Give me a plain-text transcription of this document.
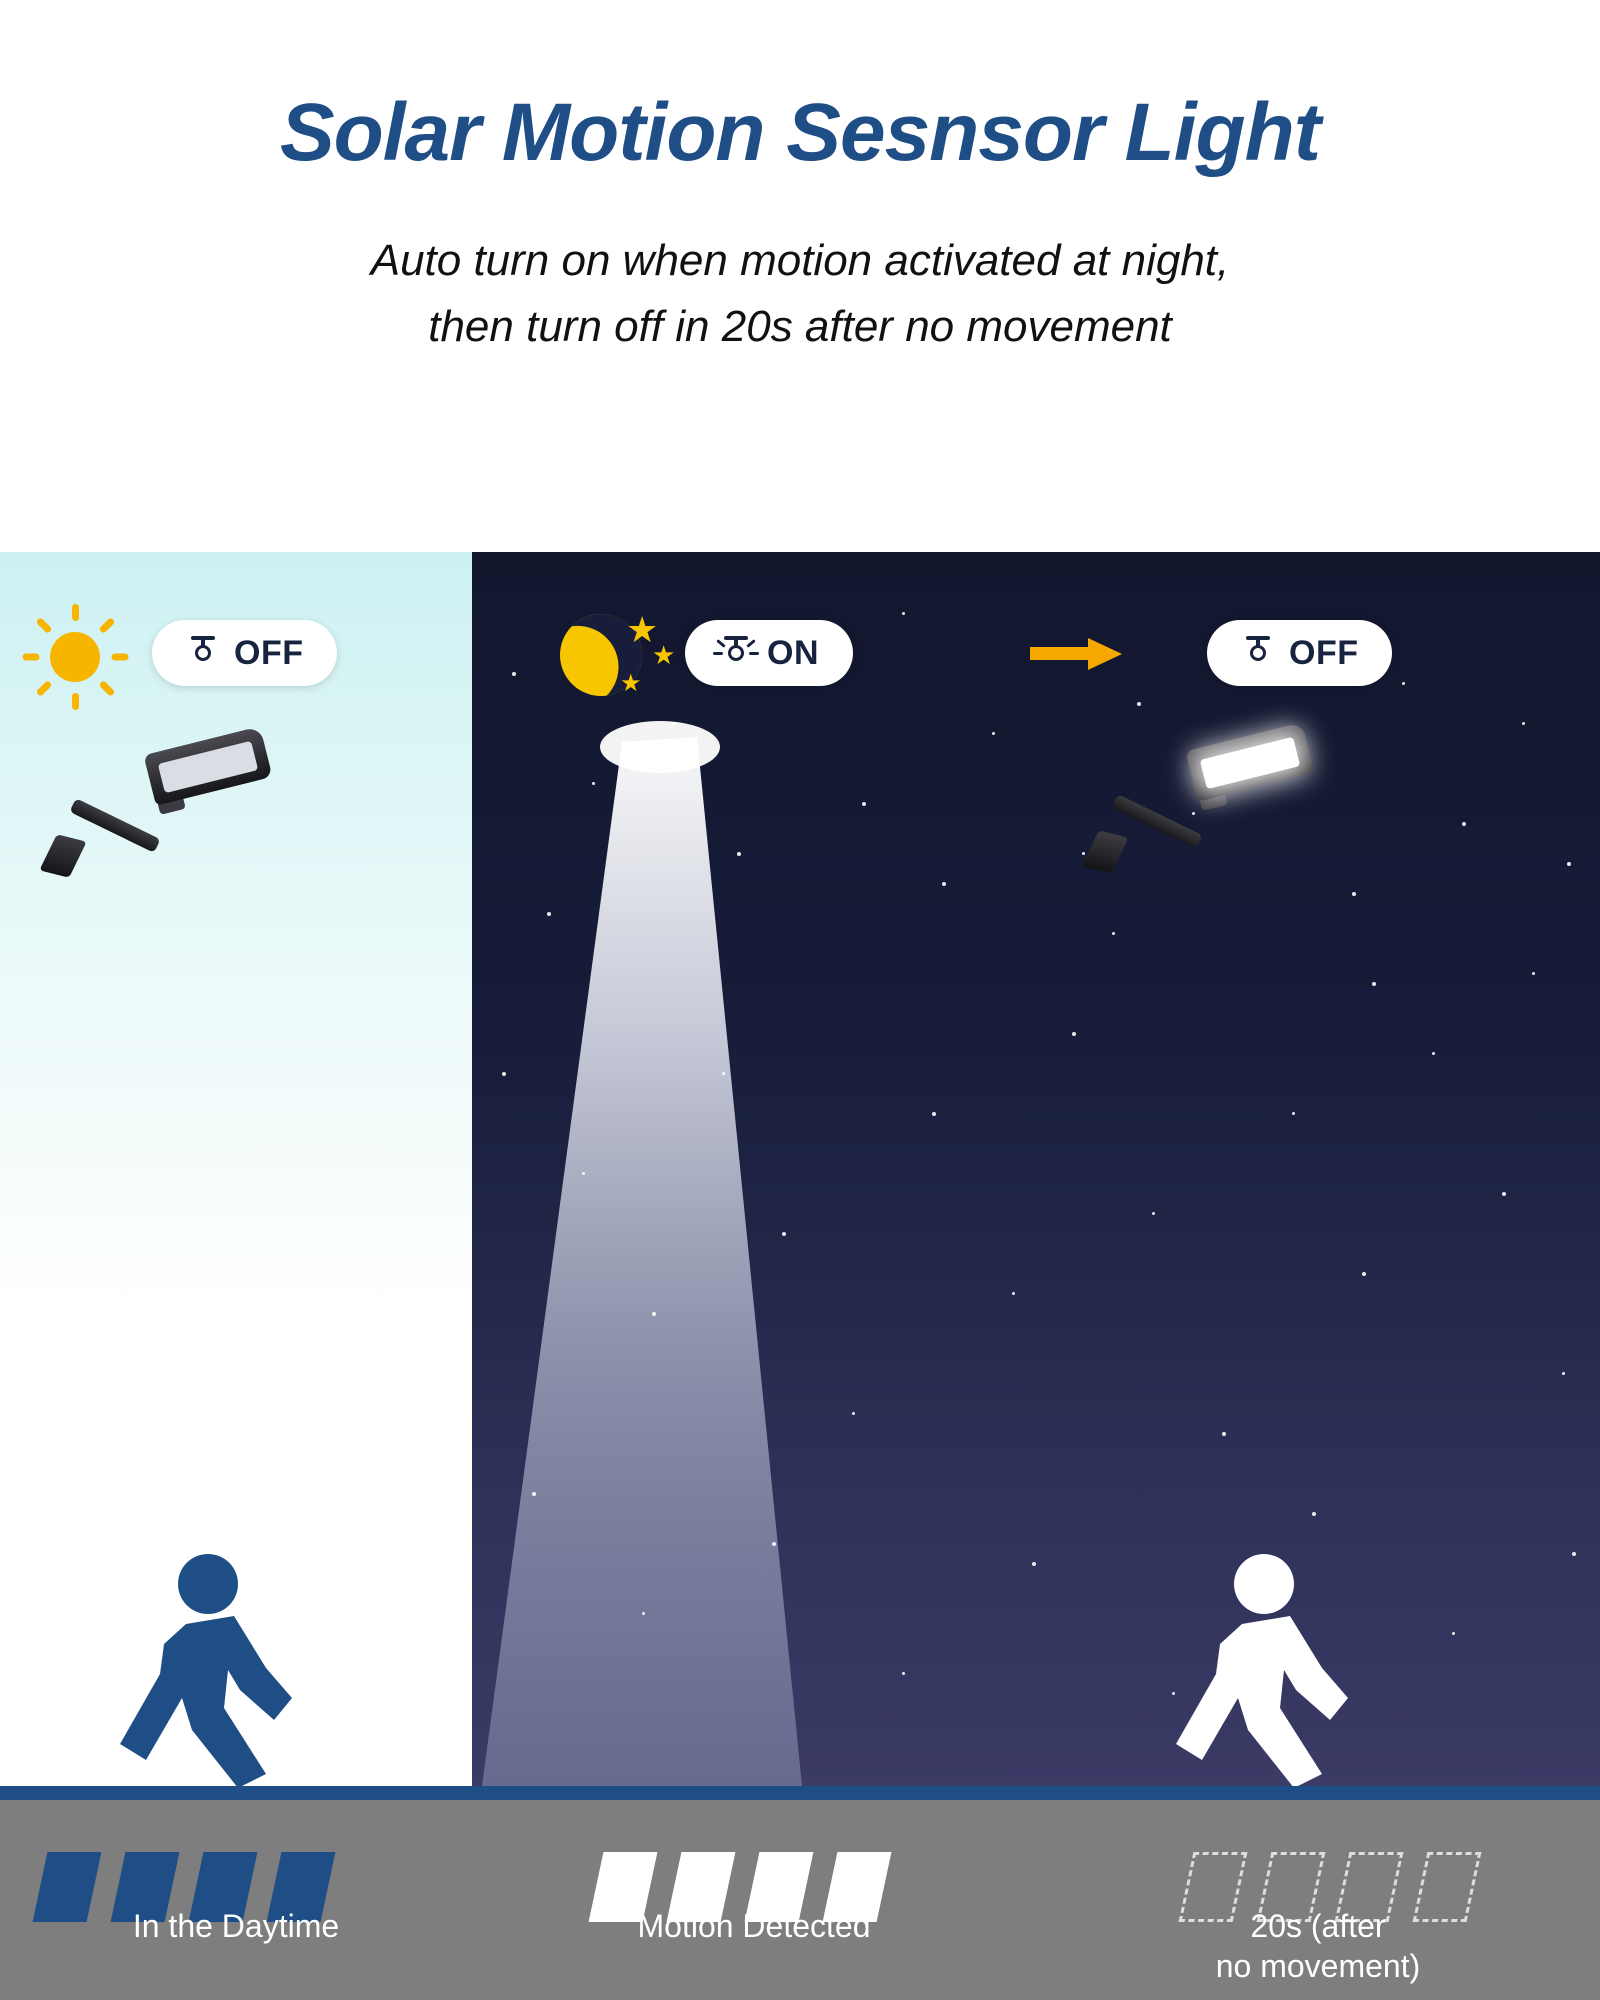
Solar Motion Sesnsor Light
Auto turn on when motion activated at night,
then turn off in 20s after no movement
★
★
★
In the Daytime	Motion Detected	20s (after
no movement)
OFF	ON	OFF
